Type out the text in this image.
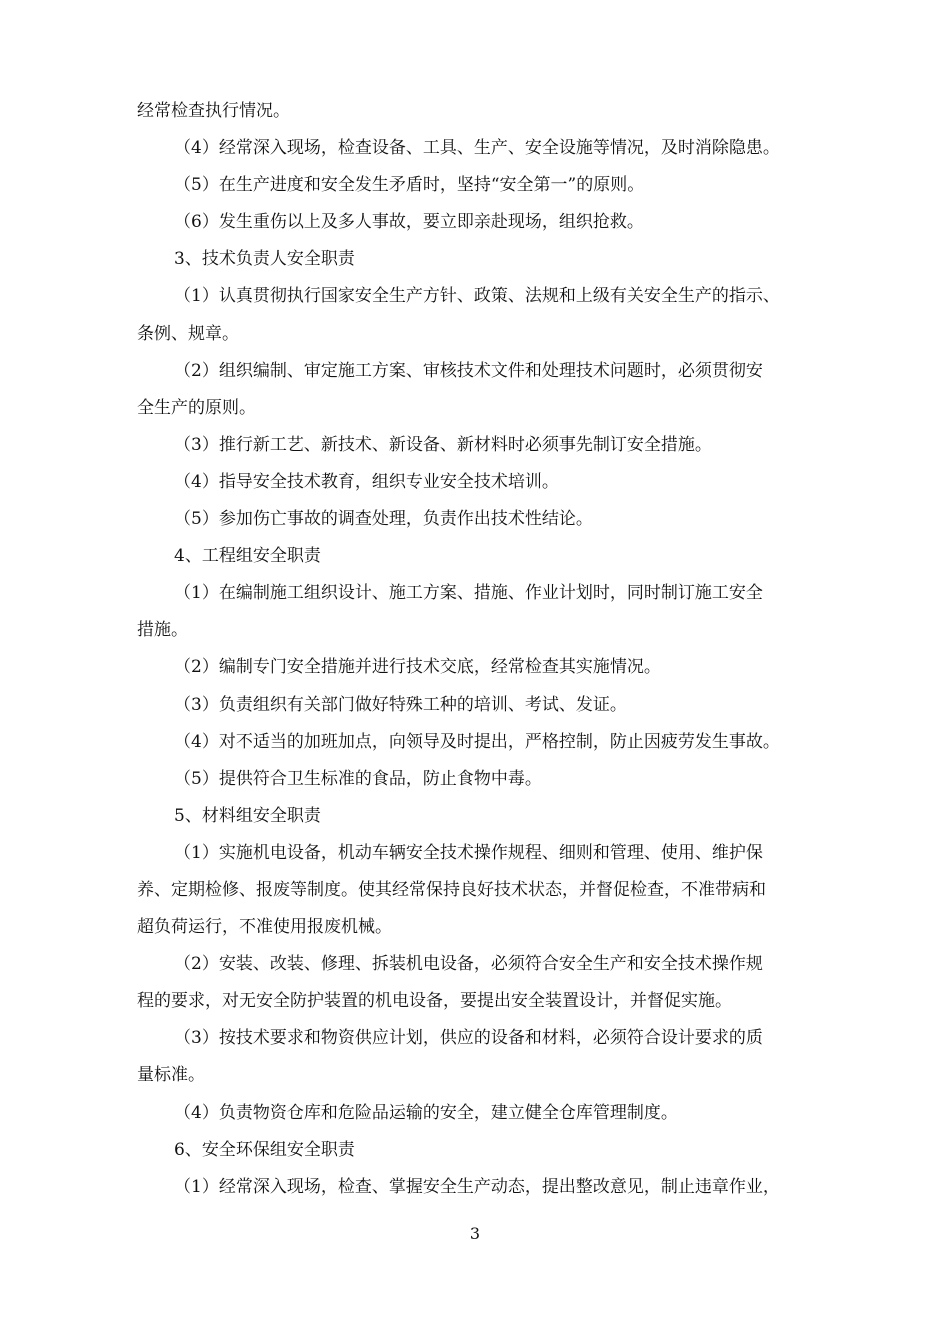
经常检查执行情况。
（4）经常深入现场，检查设备、工具、生产、安全设施等情况，及时消除隐患。
（5）在生产进度和安全发生矛盾时，坚持“安全第一”的原则。
（6）发生重伤以上及多人事故，要立即亲赴现场，组织抢救。
3、技术负责人安全职责
（1）认真贯彻执行国家安全生产方针、政策、法规和上级有关安全生产的指示、
条例、规章。
（2）组织编制、审定施工方案、审核技术文件和处理技术问题时，必须贯彻安
全生产的原则。
（3）推行新工艺、新技术、新设备、新材料时必须事先制订安全措施。
（4）指导安全技术教育，组织专业安全技术培训。
（5）参加伤亡事故的调查处理，负责作出技术性结论。
4、工程组安全职责
（1）在编制施工组织设计、施工方案、措施、作业计划时，同时制订施工安全
措施。
（2）编制专门安全措施并进行技术交底，经常检查其实施情况。
（3）负责组织有关部门做好特殊工种的培训、考试、发证。
（4）对不适当的加班加点，向领导及时提出，严格控制，防止因疲劳发生事故。
（5）提供符合卫生标准的食品，防止食物中毒。
5、材料组安全职责
（1）实施机电设备，机动车辆安全技术操作规程、细则和管理、使用、维护保
养、定期检修、报废等制度。使其经常保持良好技术状态，并督促检查，不准带病和
超负荷运行，不准使用报废机械。
（2）安装、改装、修理、拆装机电设备，必须符合安全生产和安全技术操作规
程的要求，对无安全防护装置的机电设备，要提出安全装置设计，并督促实施。
（3）按技术要求和物资供应计划，供应的设备和材料，必须符合设计要求的质
量标准。
（4）负责物资仓库和危险品运输的安全，建立健全仓库管理制度。
6、安全环保组安全职责
（1）经常深入现场，检查、掌握安全生产动态，提出整改意见，制止违章作业，
3
